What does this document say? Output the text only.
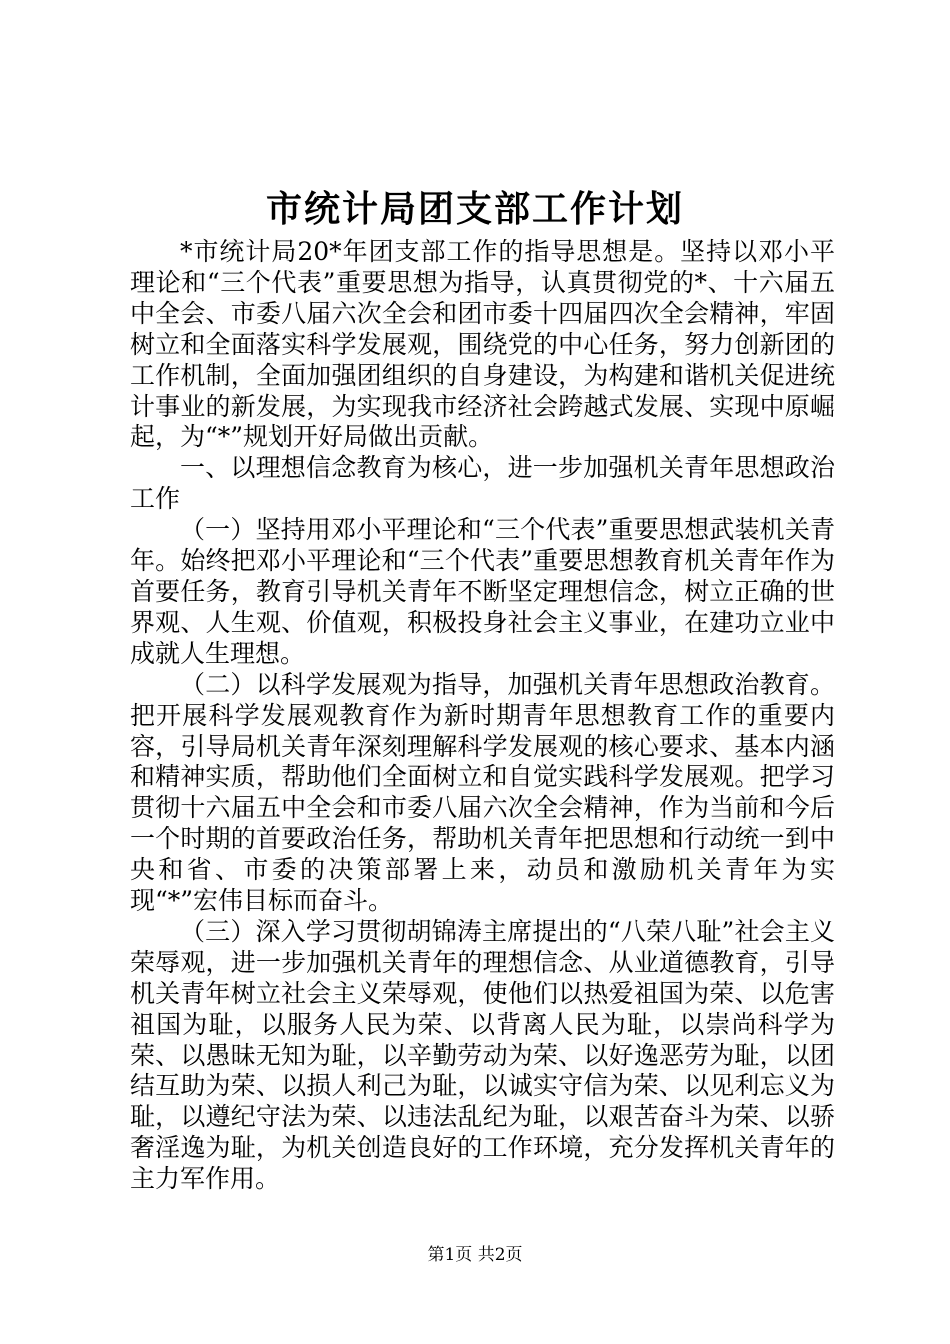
市统计局团支部工作计划

*市统计局20*年团支部工作的指导思想是。坚持以邓小平理论和“三个代表”重要思想为指导，认真贯彻党的*、十六届五中全会、市委八届六次全会和团市委十四届四次全会精神，牢固树立和全面落实科学发展观，围绕党的中心任务，努力创新团的工作机制，全面加强团组织的自身建设，为构建和谐机关促进统计事业的新发展，为实现我市经济社会跨越式发展、实现中原崛起，为“*”规划开好局做出贡献。

一、以理想信念教育为核心，进一步加强机关青年思想政治工作

（一）坚持用邓小平理论和“三个代表”重要思想武装机关青年。始终把邓小平理论和“三个代表”重要思想教育机关青年作为首要任务，教育引导机关青年不断坚定理想信念，树立正确的世界观、人生观、价值观，积极投身社会主义事业，在建功立业中成就人生理想。

（二）以科学发展观为指导，加强机关青年思想政治教育。把开展科学发展观教育作为新时期青年思想教育工作的重要内容，引导局机关青年深刻理解科学发展观的核心要求、基本内涵和精神实质，帮助他们全面树立和自觉实践科学发展观。把学习贯彻十六届五中全会和市委八届六次全会精神，作为当前和今后一个时期的首要政治任务，帮助机关青年把思想和行动统一到中央和省、市委的决策部署上来，动员和激励机关青年为实现“*”宏伟目标而奋斗。

（三）深入学习贯彻胡锦涛主席提出的“八荣八耻”社会主义荣辱观，进一步加强机关青年的理想信念、从业道德教育，引导机关青年树立社会主义荣辱观，使他们以热爱祖国为荣、以危害祖国为耻，以服务人民为荣、以背离人民为耻，以崇尚科学为荣、以愚昧无知为耻，以辛勤劳动为荣、以好逸恶劳为耻，以团结互助为荣、以损人利己为耻，以诚实守信为荣、以见利忘义为耻，以遵纪守法为荣、以违法乱纪为耻，以艰苦奋斗为荣、以骄奢淫逸为耻，为机关创造良好的工作环境，充分发挥机关青年的主力军作用。

第1页 共2页
